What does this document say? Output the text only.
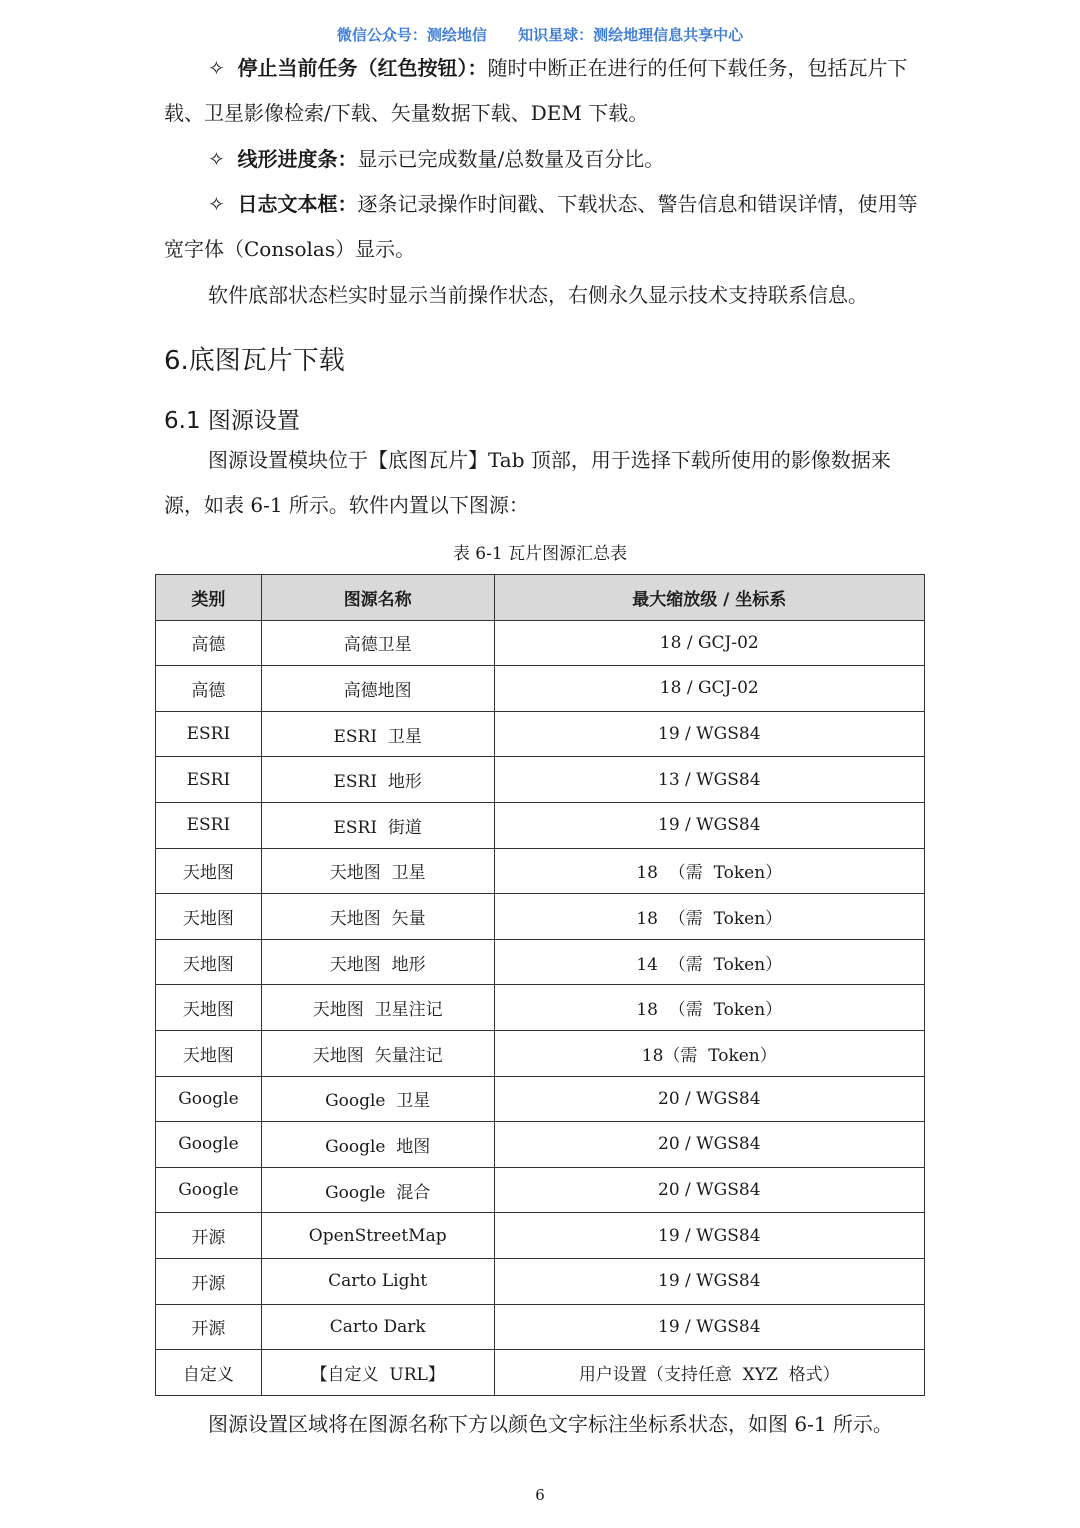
微信公众号：测绘地信      知识星球：测绘地理信息共享中心

✧ 停止当前任务（红色按钮）：随时中断正在进行的任何下载任务，包括瓦片下载、卫星影像检索/下载、矢量数据下载、DEM 下载。

✧ 线形进度条：显示已完成数量/总数量及百分比。

✧ 日志文本框：逐条记录操作时间戳、下载状态、警告信息和错误详情，使用等宽字体（Consolas）显示。

软件底部状态栏实时显示当前操作状态，右侧永久显示技术支持联系信息。

6.底图瓦片下载
6.1 图源设置

图源设置模块位于【底图瓦片】Tab 顶部，用于选择下载所使用的影像数据来源，如表 6-1 所示。软件内置以下图源：

表 6-1 瓦片图源汇总表
类别	图源名称	最大缩放级 / 坐标系
高德	高德卫星	18 / GCJ-02
高德	高德地图	18 / GCJ-02
ESRI	ESRI  卫星	19 / WGS84
ESRI	ESRI  地形	13 / WGS84
ESRI	ESRI  街道	19 / WGS84
天地图	天地图  卫星	18  （需  Token）
天地图	天地图  矢量	18  （需  Token）
天地图	天地图  地形	14  （需  Token）
天地图	天地图  卫星注记	18  （需  Token）
天地图	天地图  矢量注记	18（需  Token）
Google	Google  卫星	20 / WGS84
Google	Google  地图	20 / WGS84
Google	Google  混合	20 / WGS84
开源	OpenStreetMap	19 / WGS84
开源	Carto Light	19 / WGS84
开源	Carto Dark	19 / WGS84
自定义	【自定义  URL】	用户设置（支持任意  XYZ  格式）

图源设置区域将在图源名称下方以颜色文字标注坐标系状态，如图 6-1 所示。

6
